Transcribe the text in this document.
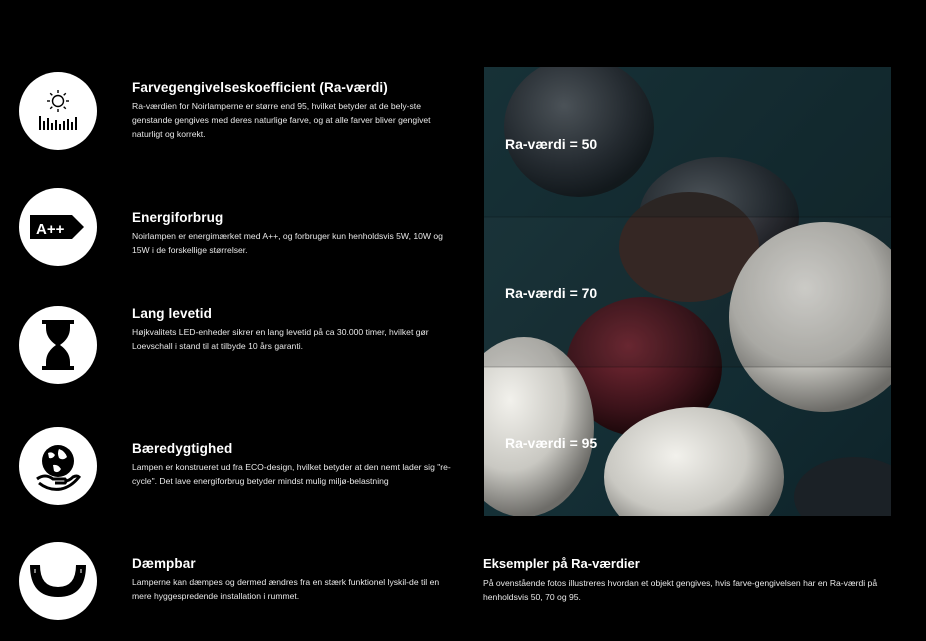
Farvegengivelseskoefficient (Ra-værdi)

Ra-værdien for Noirlamperne er større end 95, hvilket betyder at de bely-ste genstande gengives med deres naturlige farve, og at alle farver bliver gengivet naturligt og korrekt.

A++

Energiforbrug

Noirlampen er energimærket med A++, og forbruger kun henholdsvis 5W, 10W og 15W i de forskellige størrelser.

Lang levetid

Højkvalitets LED-enheder sikrer en lang levetid på ca 30.000 timer, hvilket gør Loevschall i stand til at tilbyde 10 års garanti.

Bæredygtighed

Lampen er konstrueret ud fra ECO-design, hvilket betyder at den nemt lader sig "re-cycle". Det lave energiforbrug betyder mindst mulig miljø-belastning

Dæmpbar

Lamperne kan dæmpes og dermed ændres fra en stærk funktionel lyskil-de til en mere hyggespredende installation i rummet.

Ra-værdi = 50
Ra-værdi = 70
Ra-værdi = 95
Eksempler på Ra-værdier

På ovenstående fotos illustreres hvordan et objekt gengives, hvis farve-gengivelsen har en Ra-værdi på henholdsvis 50, 70 og 95.
